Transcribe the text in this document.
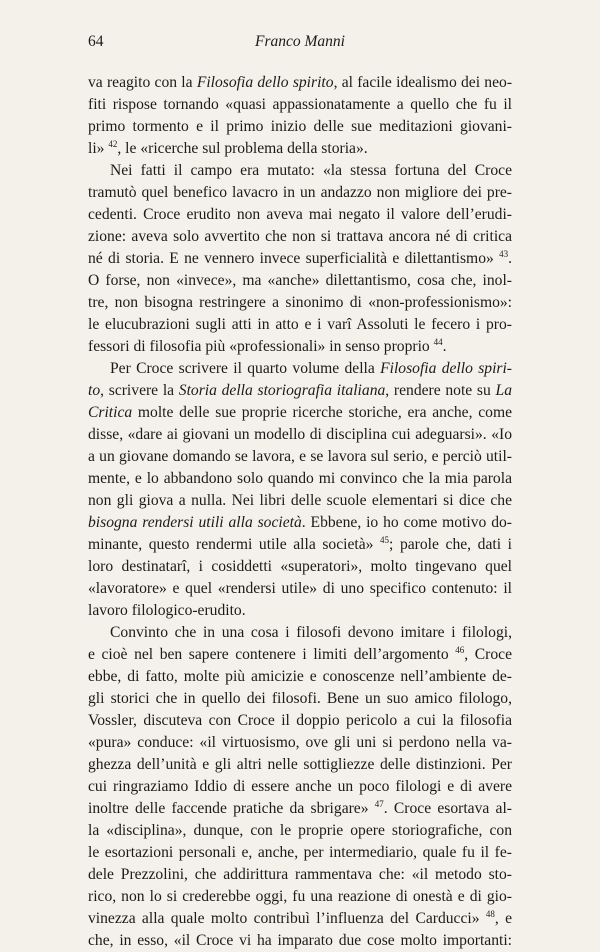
64	Franco Manni
va reagito con la Filosofia dello spirito, al facile idealismo dei neo-
fiti rispose tornando «quasi appassionatamente a quello che fu il
primo tormento e il primo inizio delle sue meditazioni giovani-
li» $^{42}$, le «ricerche sul problema della storia».
Nei fatti il campo era mutato: «la stessa fortuna del Croce
tramutò quel benefico lavacro in un andazzo non migliore dei pre-
cedenti. Croce erudito non aveva mai negato il valore dell’erudi-
zione: aveva solo avvertito che non si trattava ancora né di critica
né di storia. E ne vennero invece superficialità e dilettantismo» $^{43}$.
O forse, non «invece», ma «anche» dilettantismo, cosa che, inol-
tre, non bisogna restringere a sinonimo di «non-professionismo»:
le elucubrazioni sugli atti in atto e i varî Assoluti le fecero i pro-
fessori di filosofia più «professionali» in senso proprio $^{44}$.
Per Croce scrivere il quarto volume della Filosofia dello spiri-
to, scrivere la Storia della storiografia italiana, rendere note su La
Critica molte delle sue proprie ricerche storiche, era anche, come
disse, «dare ai giovani un modello di disciplina cui adeguarsi». «Io
a un giovane domando se lavora, e se lavora sul serio, e perciò util-
mente, e lo abbandono solo quando mi convinco che la mia parola
non gli giova a nulla. Nei libri delle scuole elementari si dice che
bisogna rendersi utili alla società. Ebbene, io ho come motivo do-
minante, questo rendermi utile alla società» $^{45}$; parole che, dati i
loro destinatarî, i cosiddetti «superatori», molto tingevano quel
«lavoratore» e quel «rendersi utile» di uno specifico contenuto: il
lavoro filologico-erudito.
Convinto che in una cosa i filosofi devono imitare i filologi,
e cioè nel ben sapere contenere i limiti dell’argomento $^{46}$, Croce
ebbe, di fatto, molte più amicizie e conoscenze nell’ambiente de-
gli storici che in quello dei filosofi. Bene un suo amico filologo,
Vossler, discuteva con Croce il doppio pericolo a cui la filosofia
«pura» conduce: «il virtuosismo, ove gli uni si perdono nella va-
ghezza dell’unità e gli altri nelle sottigliezze delle distinzioni. Per
cui ringraziamo Iddio di essere anche un poco filologi e di avere
inoltre delle faccende pratiche da sbrigare» $^{47}$. Croce esortava al-
la «disciplina», dunque, con le proprie opere storiografiche, con
le esortazioni personali e, anche, per intermediario, quale fu il fe-
dele Prezzolini, che addirittura rammentava che: «il metodo sto-
rico, non lo si crederebbe oggi, fu una reazione di onestà e di gio-
vinezza alla quale molto contribuì l’influenza del Carducci» $^{48}$, e
che, in esso, «il Croce vi ha imparato due cose molto importanti:
